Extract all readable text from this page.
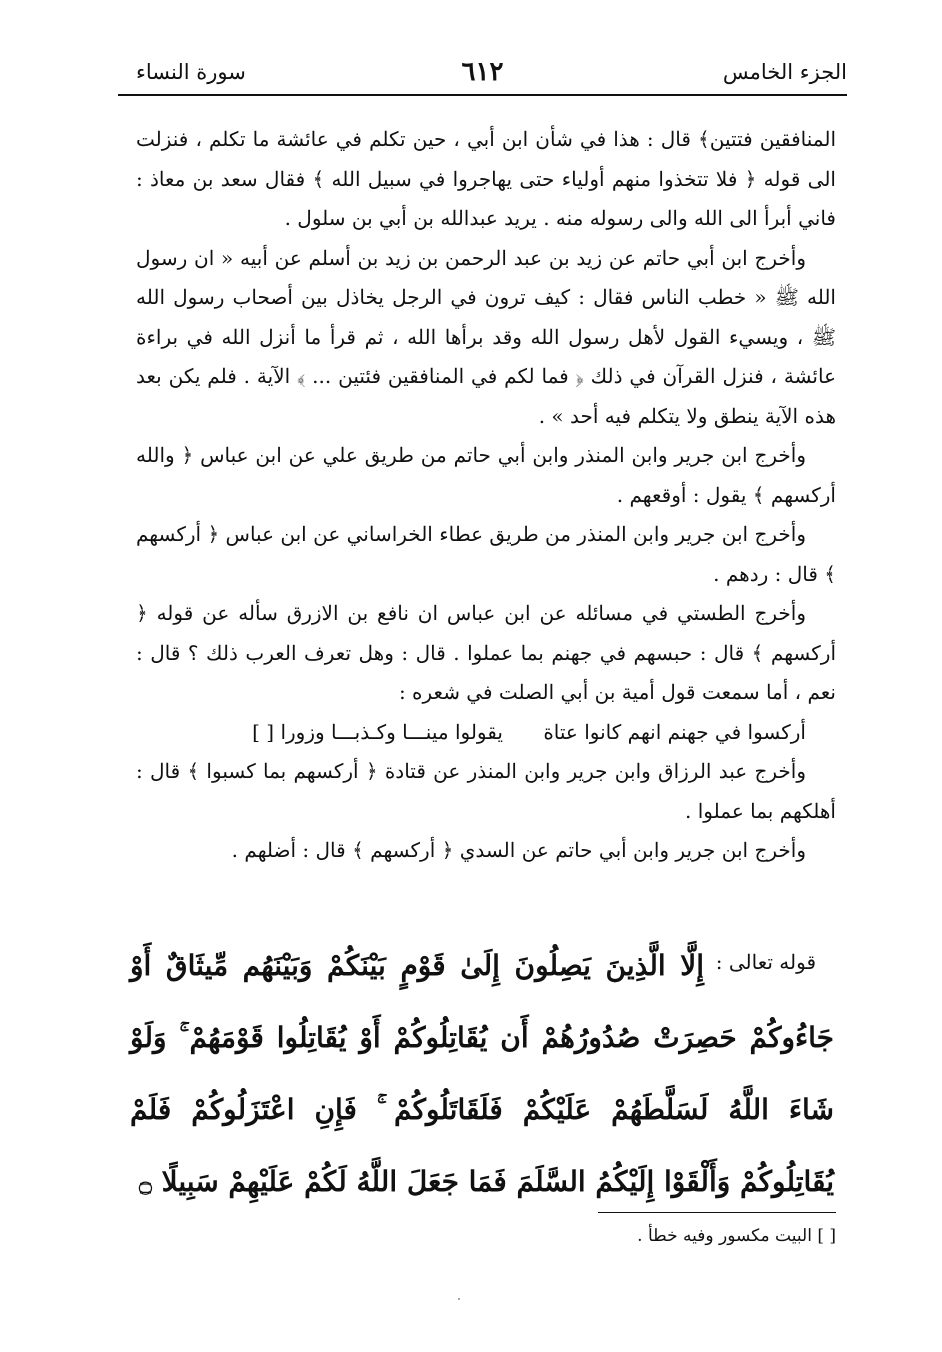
الجزء الخامس
٦١٢
سورة النساء

المنافقين فتتين﴾ قال : هذا في شأن ابن أبي ، حين تكلم في عائشة ما تكلم ، فنزلت الى قوله ﴿ فلا تتخذوا منهم أولياء حتى يهاجروا في سبيل الله ﴾ فقال سعد بن معاذ : فاني أبرأ الى الله والى رسوله منه . يريد عبدالله بن أبي بن سلول .

وأخرج ابن أبي حاتم عن زيد بن عبد الرحمن بن زيد بن أسلم عن أبيه « ان رسول الله ﷺ « خطب الناس فقال : كيف ترون في الرجل يخاذل بين أصحاب رسول الله ﷺ ، ويسيء القول لأهل رسول الله وقد برأها الله ، ثم قرأ ما أنزل الله في براءة عائشة ، فنزل القرآن في ذلك ﴿ فما لكم في المنافقين فئتين ... ﴾ الآية . فلم يكن بعد هذه الآية ينطق ولا يتكلم فيه أحد » .

وأخرج ابن جرير وابن المنذر وابن أبي حاتم من طريق علي عن ابن عباس ﴿ والله أركسهم ﴾ يقول : أوقعهم .

وأخرج ابن جرير وابن المنذر من طريق عطاء الخراساني عن ابن عباس ﴿ أركسهم ﴾ قال : ردهم .

وأخرج الطستي في مسائله عن ابن عباس ان نافع بن الازرق سأله عن قوله ﴿ أركسهم ﴾ قال : حبسهم في جهنم بما عملوا . قال : وهل تعرف العرب ذلك ؟ قال : نعم ، أما سمعت قول أمية بن أبي الصلت في شعره :

أركسوا في جهنم انهم كانوا عتاة يقولوا مينـــا وكـذبـــا وزورا [ ]

وأخرج عبد الرزاق وابن جرير وابن المنذر عن قتادة ﴿ أركسهم بما كسبوا ﴾ قال : أهلكهم بما عملوا .

وأخرج ابن جرير وابن أبي حاتم عن السدي ﴿ أركسهم ﴾ قال : أضلهم .

قوله تعالى :

إِلَّا الَّذِينَ يَصِلُونَ إِلَىٰ قَوْمٍ بَيْنَكُمْ وَبَيْنَهُم مِّيثَاقٌ أَوْ جَاءُوكُمْ حَصِرَتْ صُدُورُهُمْ أَن يُقَاتِلُوكُمْ أَوْ يُقَاتِلُوا قَوْمَهُمْ ۚ وَلَوْ شَاءَ اللَّهُ لَسَلَّطَهُمْ عَلَيْكُمْ فَلَقَاتَلُوكُمْ ۚ فَإِنِ اعْتَزَلُوكُمْ فَلَمْ يُقَاتِلُوكُمْ وَأَلْقَوْا إِلَيْكُمُ السَّلَمَ فَمَا جَعَلَ اللَّهُ لَكُمْ عَلَيْهِمْ سَبِيلًا ۝

[ ] البيت مكسور وفيه خطأ .
